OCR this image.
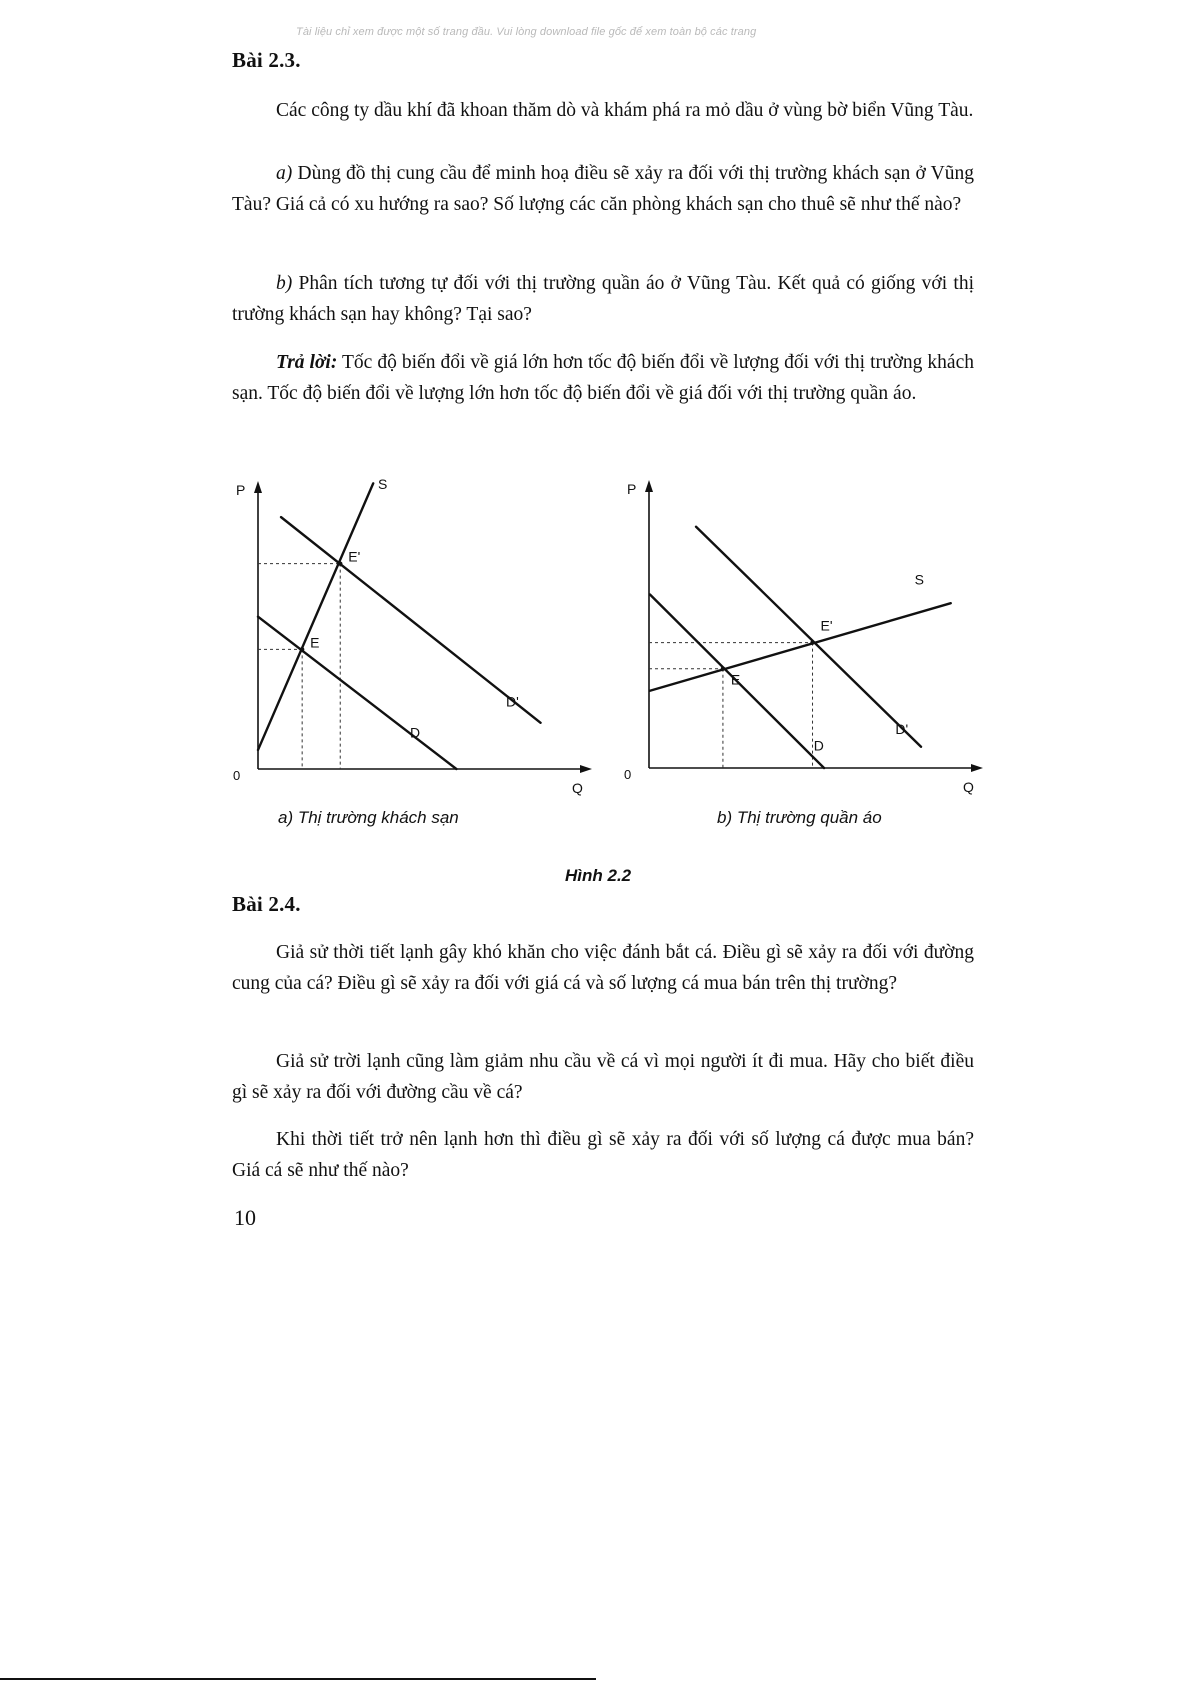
Tài liệu chỉ xem được một số trang đầu. Vui lòng download file gốc để xem toàn bộ các trang
Bài 2.3.
Các công ty dầu khí đã khoan thăm dò và khám phá ra mỏ dầu ở vùng bờ biển Vũng Tàu.
a) Dùng đồ thị cung cầu để minh hoạ điều sẽ xảy ra đối với thị trường khách sạn ở Vũng Tàu? Giá cả có xu hướng ra sao? Số lượng các căn phòng khách sạn cho thuê sẽ như thế nào?
b) Phân tích tương tự đối với thị trường quần áo ở Vũng Tàu. Kết quả có giống với thị trường khách sạn hay không? Tại sao?
Trả lời: Tốc độ biến đổi về giá lớn hơn tốc độ biến đổi về lượng đối với thị trường khách sạn. Tốc độ biến đổi về lượng lớn hơn tốc độ biến đổi về giá đối với thị trường quần áo.
S
D
D'
E
E'
P
Q
0
a) Thị trường khách sạn
S
D
D'
E
E'
P
Q
0
b) Thị trường quần áo
Hình 2.2
Bài 2.4.
Giả sử thời tiết lạnh gây khó khăn cho việc đánh bắt cá. Điều gì sẽ xảy ra đối với đường cung của cá? Điều gì sẽ xảy ra đối với giá cá và số lượng cá mua bán trên thị trường?
Giả sử trời lạnh cũng làm giảm nhu cầu về cá vì mọi người ít đi mua. Hãy cho biết điều gì sẽ xảy ra đối với đường cầu về cá?
Khi thời tiết trở nên lạnh hơn thì điều gì sẽ xảy ra đối với số lượng cá được mua bán? Giá cá sẽ như thế nào?
10
